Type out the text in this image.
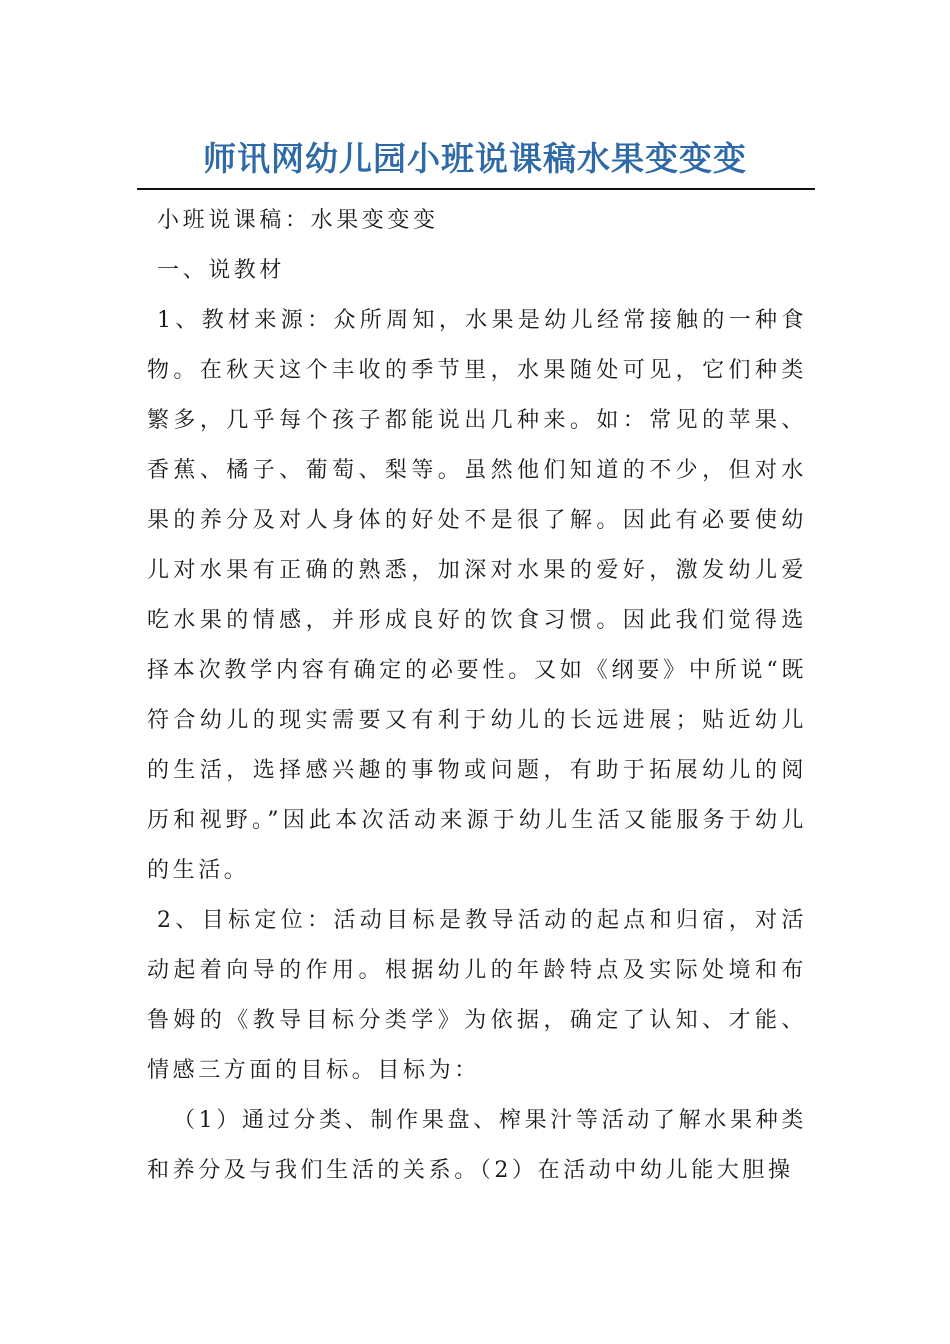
师讯网幼儿园小班说课稿水果变变变

小班说课稿：水果变变变

一、说教材

1、教材来源：众所周知，水果是幼儿经常接触的一种食物。在秋天这个丰收的季节里，水果随处可见，它们种类繁多，几乎每个孩子都能说出几种来。如：常见的苹果、香蕉、橘子、葡萄、梨等。虽然他们知道的不少，但对水果的养分及对人身体的好处不是很了解。因此有必要使幼儿对水果有正确的熟悉，加深对水果的爱好，激发幼儿爱吃水果的情感，并形成良好的饮食习惯。因此我们觉得选择本次教学内容有确定的必要性。又如《纲要》中所说“既符合幼儿的现实需要又有利于幼儿的长远进展；贴近幼儿的生活，选择感兴趣的事物或问题，有助于拓展幼儿的阅历和视野。”因此本次活动来源于幼儿生活又能服务于幼儿的生活。

2、目标定位：活动目标是教导活动的起点和归宿，对活动起着向导的作用。根据幼儿的年龄特点及实际处境和布鲁姆的《教导目标分类学》为依据，确定了认知、才能、情感三方面的目标。目标为：

（1）通过分类、制作果盘、榨果汁等活动了解水果种类和养分及与我们生活的关系。（2）在活动中幼儿能大胆操
